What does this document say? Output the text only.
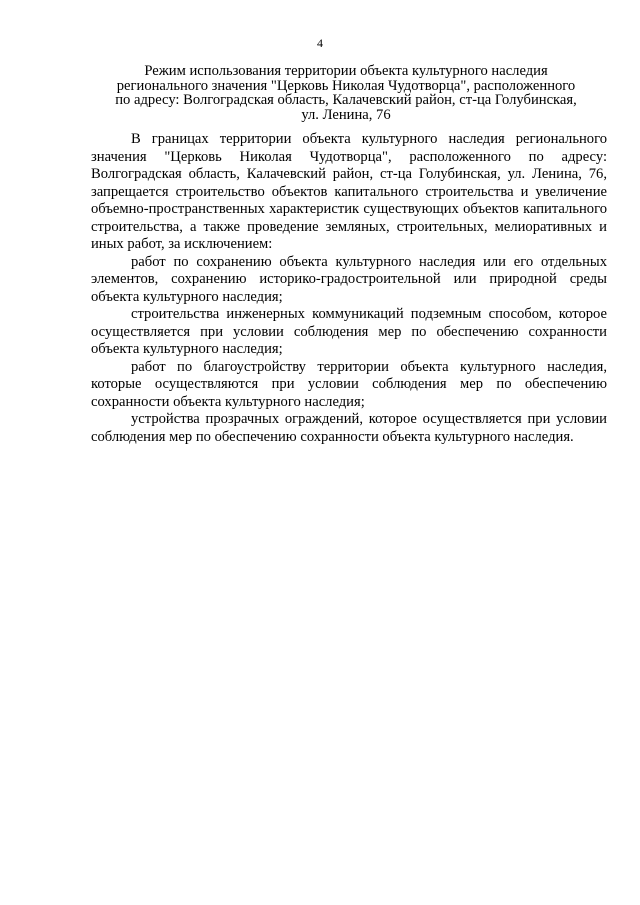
4
Режим использования территории объекта культурного наследия
регионального значения "Церковь Николая Чудотворца", расположенного
по адресу: Волгоградская область, Калачевский район, ст-ца Голубинская,
ул. Ленина, 76

В границах территории объекта культурного наследия регионального значения "Церковь Николая Чудотворца", расположенного по адресу: Волгоградская область, Калачевский район, ст-ца Голубинская, ул. Ленина, 76, запрещается строительство объектов капитального строительства и увеличение объемно-пространственных характеристик существующих объектов капитального строительства, а также проведение земляных, строительных, мелиоративных и иных работ, за исключением:

работ по сохранению объекта культурного наследия или его отдельных элементов, сохранению историко-градостроительной или природной среды объекта культурного наследия;

строительства инженерных коммуникаций подземным способом, которое осуществляется при условии соблюдения мер по обеспечению сохранности объекта культурного наследия;

работ по благоустройству территории объекта культурного наследия, которые осуществляются при условии соблюдения мер по обеспечению сохранности объекта культурного наследия;

устройства прозрачных ограждений, которое осуществляется при условии соблюдения мер по обеспечению сохранности объекта культурного наследия.
